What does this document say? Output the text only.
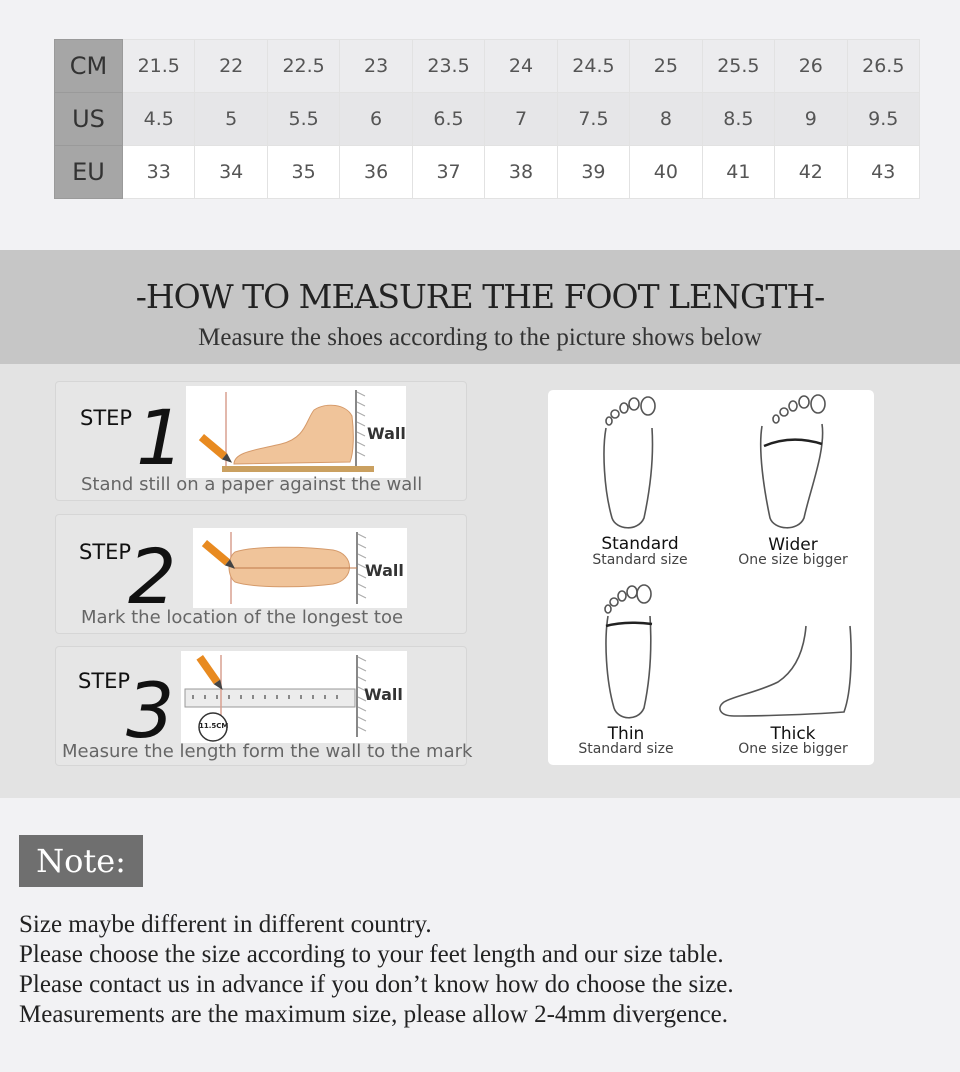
CM	21.5	22	22.5	23	23.5	24	24.5	25	25.5	26	26.5
US	4.5	5	5.5	6	6.5	7	7.5	8	8.5	9	9.5
EU	33	34	35	36	37	38	39	40	41	42	43
-HOW TO MEASURE THE FOOT LENGTH-
Measure the shoes according to the picture shows below
STEP 1	Wall
Stand still on a paper against the wall
STEP
2	Wall
Mark the location of the longest toe
STEP
3	11.5CM
Wall
Measure the length form the wall to the mark
Standard
Standard size
Wider
One size bigger
Thin
Standard size
Thick
One size bigger
Note:
Size maybe different in different country.
Please choose the size according to your feet length and our size table.
Please contact us in advance if you don’t know how do choose the size.
Measurements are the maximum size, please allow 2-4mm divergence.
